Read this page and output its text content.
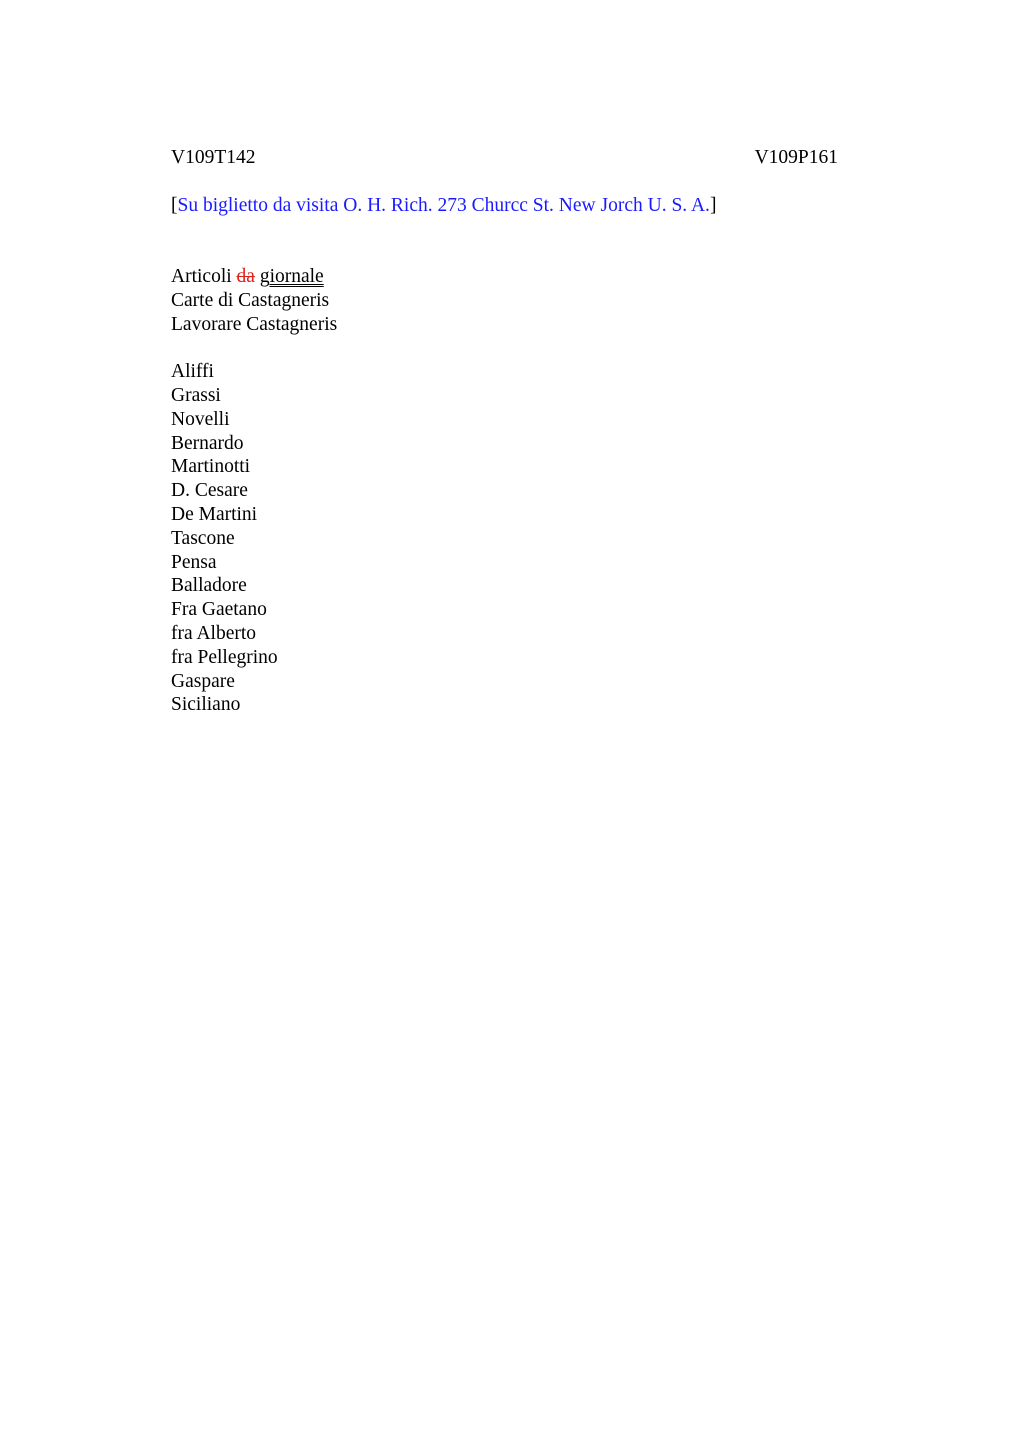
V109T142	V109P161
[Su biglietto da visita O. H. Rich. 273 Churcc St. New Jorch U. S. A.]
Articoli da giornale
Carte di Castagneris
Lavorare Castagneris
Aliffi
Grassi
Novelli
Bernardo
Martinotti
D. Cesare
De Martini
Tascone
Pensa
Balladore
Fra Gaetano
fra Alberto
fra Pellegrino
Gaspare
Siciliano
